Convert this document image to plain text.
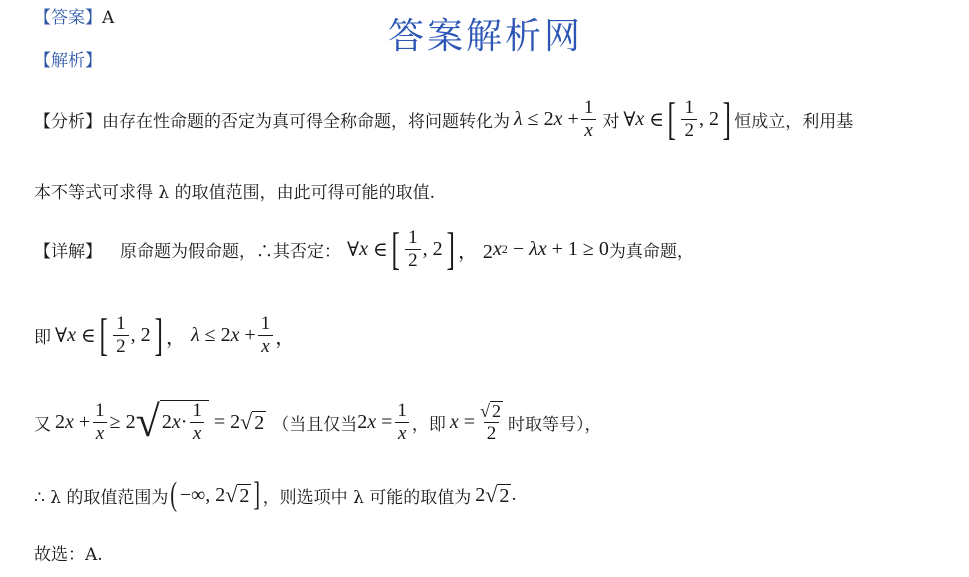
【答案】A
【解析】
答案解析网
【分析】 由存在性命题的否定为真可得全称命题，将问题转化为 λ ≤ 2 $x + \frac{1}{x}$ 对 ∀ x ∈ [ $\frac{1}{2}$ , 2 ] 恒成立，利用基
本不等式可求得 λ 的取值范围，由此可得可能的取值.
【详解】 原命题为假命题，∴其否定： ∀ x ∈ [ $\frac{1}{2}$ , 2 ] ， 2 x 2 − λx + 1 ≥ 0 为真命题，
即 ∀ x ∈ [ $\frac{1}{2}$ , 2 ] ， λ ≤ 2 $x + \frac{1}{x}$ ，
又 2 $x + \frac{1}{x} \ge 2$ √ 2 $x \cdot \frac{1}{x} = 2$ √ 2 （当且仅当 2 $x = \frac{1}{x}$ ，即 $x = \frac{√ 2}{2}$ 时取等号），
∴ λ 的取值范围为 ( −∞, 2 √ 2 ] ，则选项中 λ 可能的取值为 2 √ 2 .
故选：A.
